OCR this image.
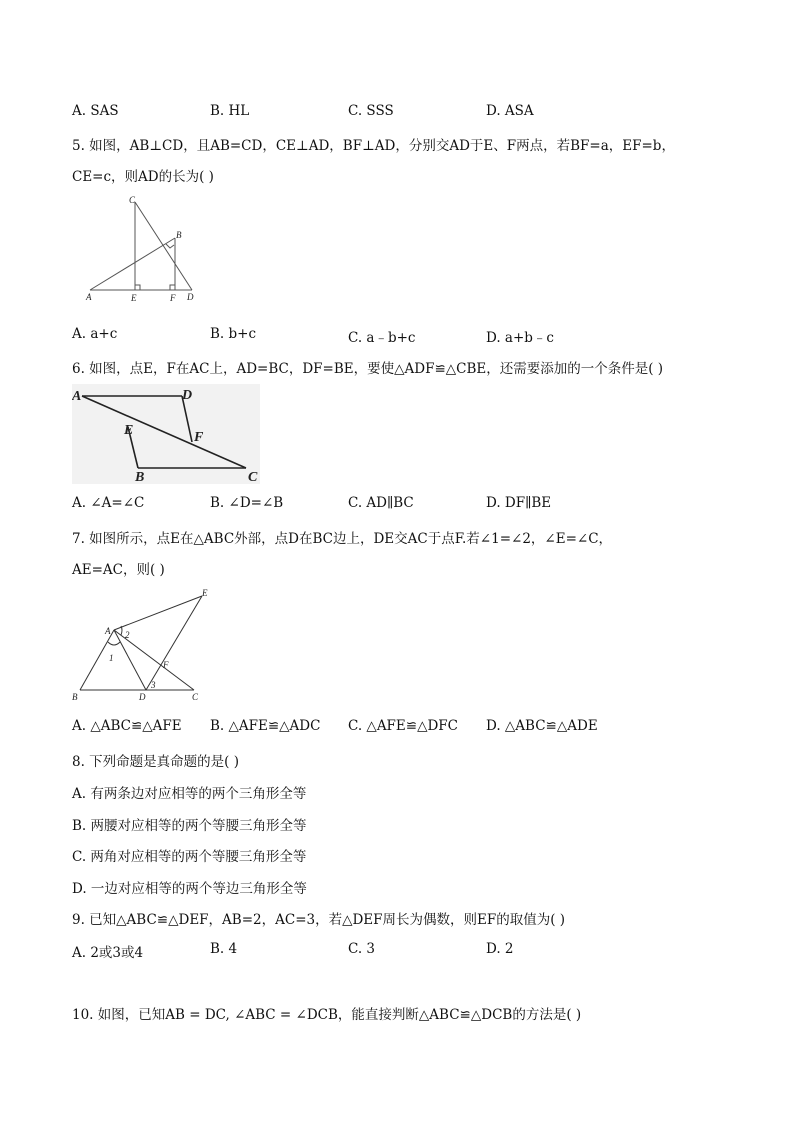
A. SAS	B. HL	C. SSS	D. ASA
5. 如图，AB⊥CD，且AB=CD，CE⊥AD，BF⊥AD，分别交AD于E、F两点，若BF=a，EF=b，
CE=c，则AD的长为( )
C
B
A	E	F D
A. a+c	B. b+c	C. a﹣b+c	D. a+b﹣c
6. 如图，点E，F在AC上，AD=BC，DF=BE，要使△ADF≌△CBE，还需要添加的一个条件是( )
A	D
E	F
B	C
A. ∠A=∠C	B. ∠D=∠B	C. AD∥BC	D. DF∥BE
7. 如图所示，点E在△ABC外部，点D在BC边上，DE交AC于点F.若∠1=∠2，∠E=∠C，
AE=AC，则( )
E
A 2
1
F
3
B	D	C
A. △ABC≌△AFE B. △AFE≌△ADC C. △AFE≌△DFC D. △ABC≌△ADE
8. 下列命题是真命题的是( )
A. 有两条边对应相等的两个三角形全等
B. 两腰对应相等的两个等腰三角形全等
C. 两角对应相等的两个等腰三角形全等
D. 一边对应相等的两个等边三角形全等
9. 已知△ABC≌△DEF，AB=2，AC=3，若△DEF周长为偶数，则EF的取值为( )
A. 2或3或4	B. 4	C. 3	D. 2
10. 如图，已知AB = DC, ∠ABC = ∠DCB，能直接判断△ABC≌△DCB的方法是( )
